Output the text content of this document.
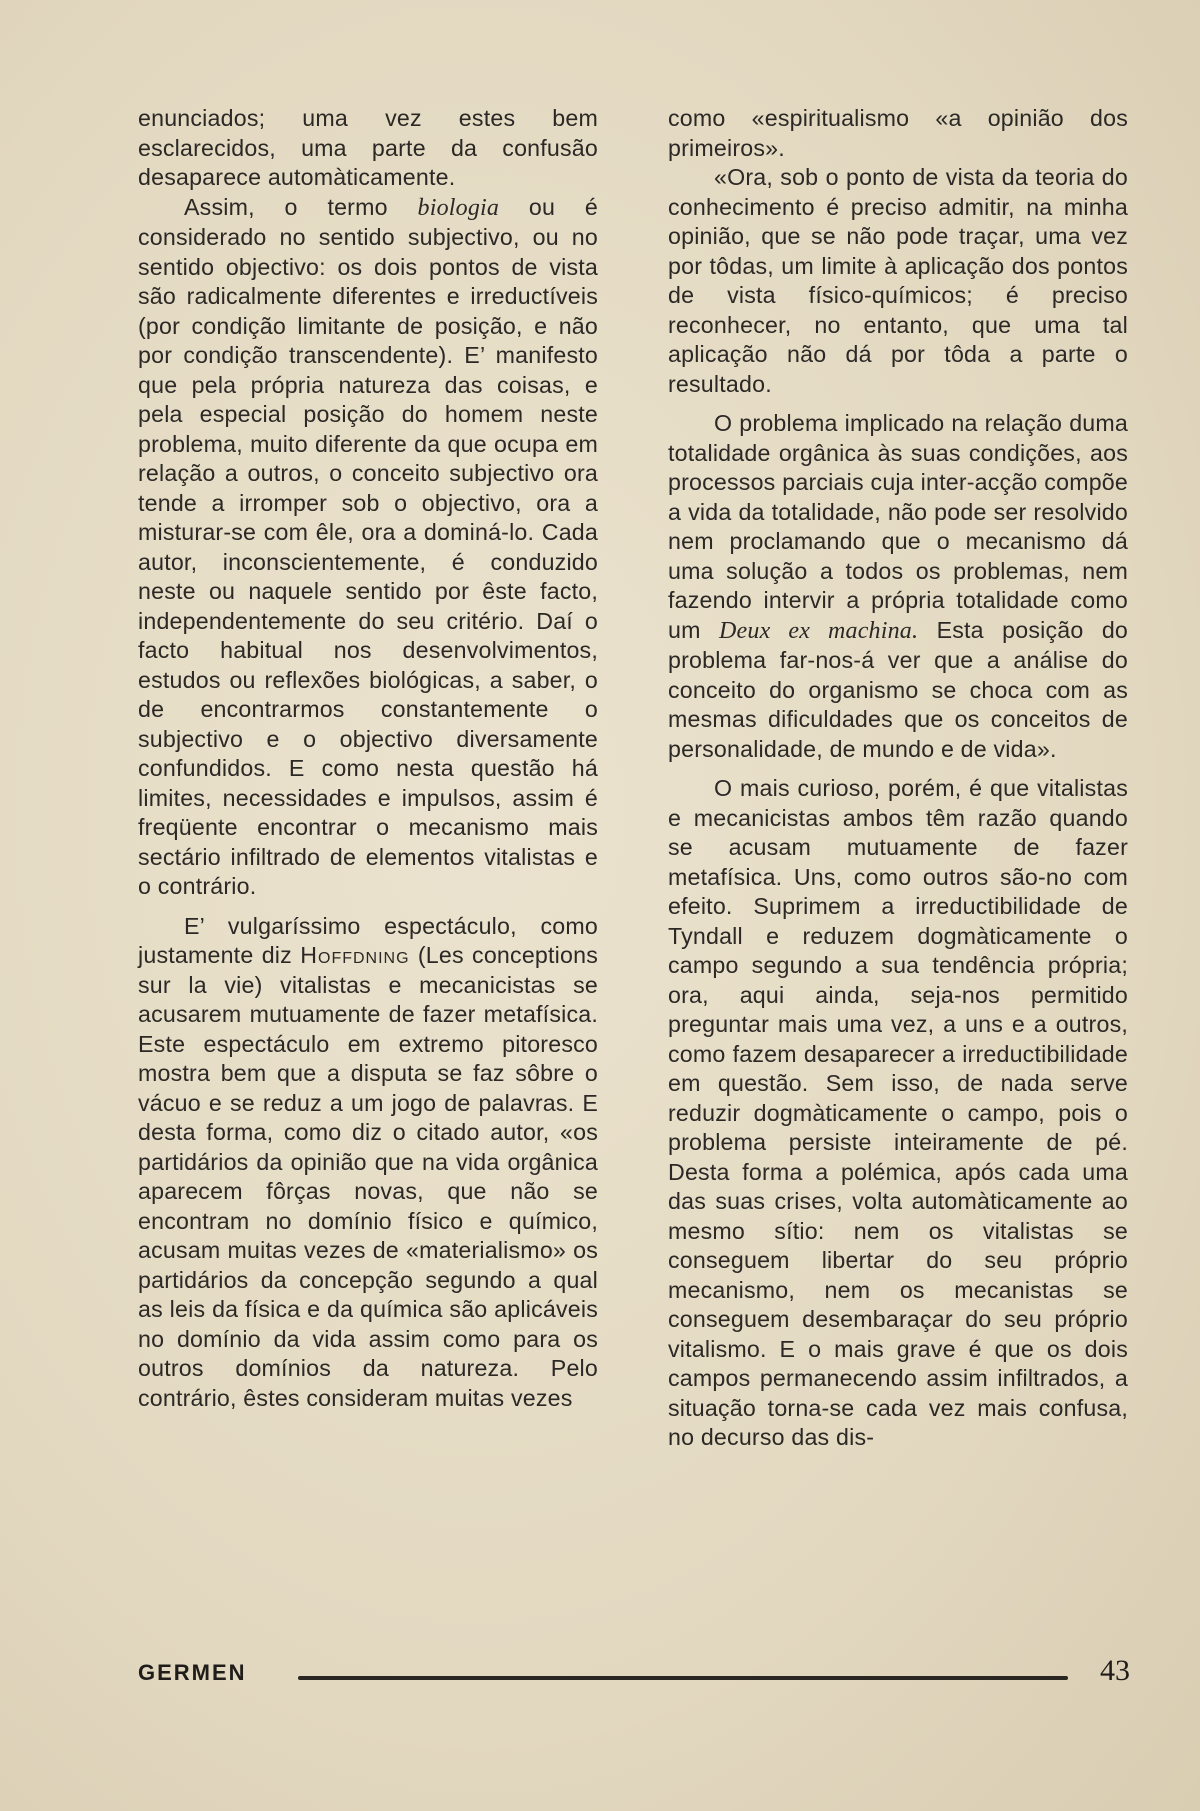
enunciados; uma vez estes bem esclarecidos, uma parte da confusão desaparece automàticamente.

Assim, o termo biologia ou é considerado no sentido subjectivo, ou no sentido objectivo: os dois pontos de vista são radicalmente diferentes e irreductíveis (por condição limitante de posição, e não por condição transcendente). E’ manifesto que pela própria natureza das coisas, e pela especial posição do homem neste problema, muito diferente da que ocupa em relação a outros, o conceito subjectivo ora tende a irromper sob o objectivo, ora a misturar-se com êle, ora a dominá-lo. Cada autor, inconscientemente, é conduzido neste ou naquele sentido por êste facto, independentemente do seu critério. Daí o facto habitual nos desenvolvimentos, estudos ou reflexões biológicas, a saber, o de encontrarmos constantemente o subjectivo e o objectivo diversamente confundidos. E como nesta questão há limites, necessidades e impulsos, assim é freqüente encontrar o mecanismo mais sectário infiltrado de elementos vitalistas e o contrário.

E’ vulgaríssimo espectáculo, como justamente diz Hoffdning (Les conceptions sur la vie) vitalistas e mecanicistas se acusarem mutuamente de fazer metafísica. Este espectáculo em extremo pitoresco mostra bem que a disputa se faz sôbre o vácuo e se reduz a um jogo de palavras. E desta forma, como diz o citado autor, «os partidários da opinião que na vida orgânica aparecem fôrças novas, que não se encontram no domínio físico e químico, acusam muitas vezes de «materialismo» os partidários da concepção segundo a qual as leis da física e da química são aplicáveis no domínio da vida assim como para os outros domínios da natureza. Pelo contrário, êstes consideram muitas vezes

como «espiritualismo «a opinião dos primeiros».

«Ora, sob o ponto de vista da teoria do conhecimento é preciso admitir, na minha opinião, que se não pode traçar, uma vez por tôdas, um limite à aplicação dos pontos de vista físico-químicos; é preciso reconhecer, no entanto, que uma tal aplicação não dá por tôda a parte o resultado.

O problema implicado na relação duma totalidade orgânica às suas condições, aos processos parciais cuja inter-acção compõe a vida da totalidade, não pode ser resolvido nem proclamando que o mecanismo dá uma solução a todos os problemas, nem fazendo intervir a própria totalidade como um Deux ex machina. Esta posição do problema far-nos-á ver que a análise do conceito do organismo se choca com as mesmas dificuldades que os conceitos de personalidade, de mundo e de vida».

O mais curioso, porém, é que vitalistas e mecanicistas ambos têm razão quando se acusam mutuamente de fazer metafísica. Uns, como outros são-no com efeito. Suprimem a irreductibilidade de Tyndall e reduzem dogmàticamente o campo segundo a sua tendência própria; ora, aqui ainda, seja-nos permitido preguntar mais uma vez, a uns e a outros, como fazem desaparecer a irreductibilidade em questão. Sem isso, de nada serve reduzir dogmàticamente o campo, pois o problema persiste inteiramente de pé. Desta forma a polémica, após cada uma das suas crises, volta automàticamente ao mesmo sítio: nem os vitalistas se conseguem libertar do seu próprio mecanismo, nem os mecanistas se conseguem desembaraçar do seu próprio vitalismo. E o mais grave é que os dois campos permanecendo assim infiltrados, a situação torna-se cada vez mais confusa, no decurso das dis-

GERMEN	43
